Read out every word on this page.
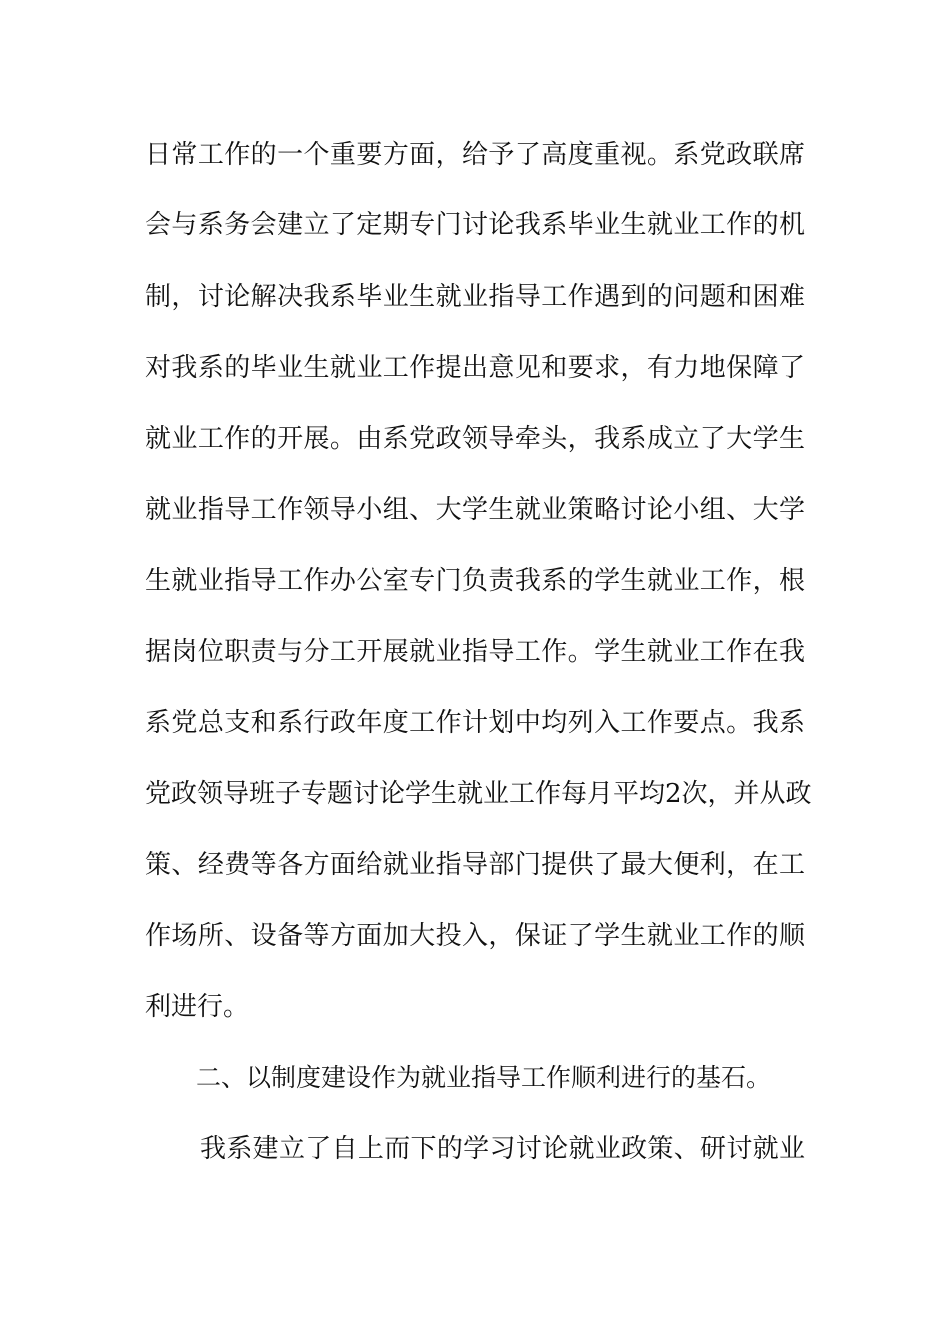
日常工作的一个重要方面，给予了高度重视。系党政联席
会与系务会建立了定期专门讨论我系毕业生就业工作的机
制，讨论解决我系毕业生就业指导工作遇到的问题和困难
对我系的毕业生就业工作提出意见和要求，有力地保障了
就业工作的开展。由系党政领导牵头，我系成立了大学生
就业指导工作领导小组、大学生就业策略讨论小组、大学
生就业指导工作办公室专门负责我系的学生就业工作，根
据岗位职责与分工开展就业指导工作。学生就业工作在我
系党总支和系行政年度工作计划中均列入工作要点。我系
党政领导班子专题讨论学生就业工作每月平均2次，并从政
策、经费等各方面给就业指导部门提供了最大便利，在工
作场所、设备等方面加大投入，保证了学生就业工作的顺
利进行。
二、以制度建设作为就业指导工作顺利进行的基石。
我系建立了自上而下的学习讨论就业政策、研讨就业
